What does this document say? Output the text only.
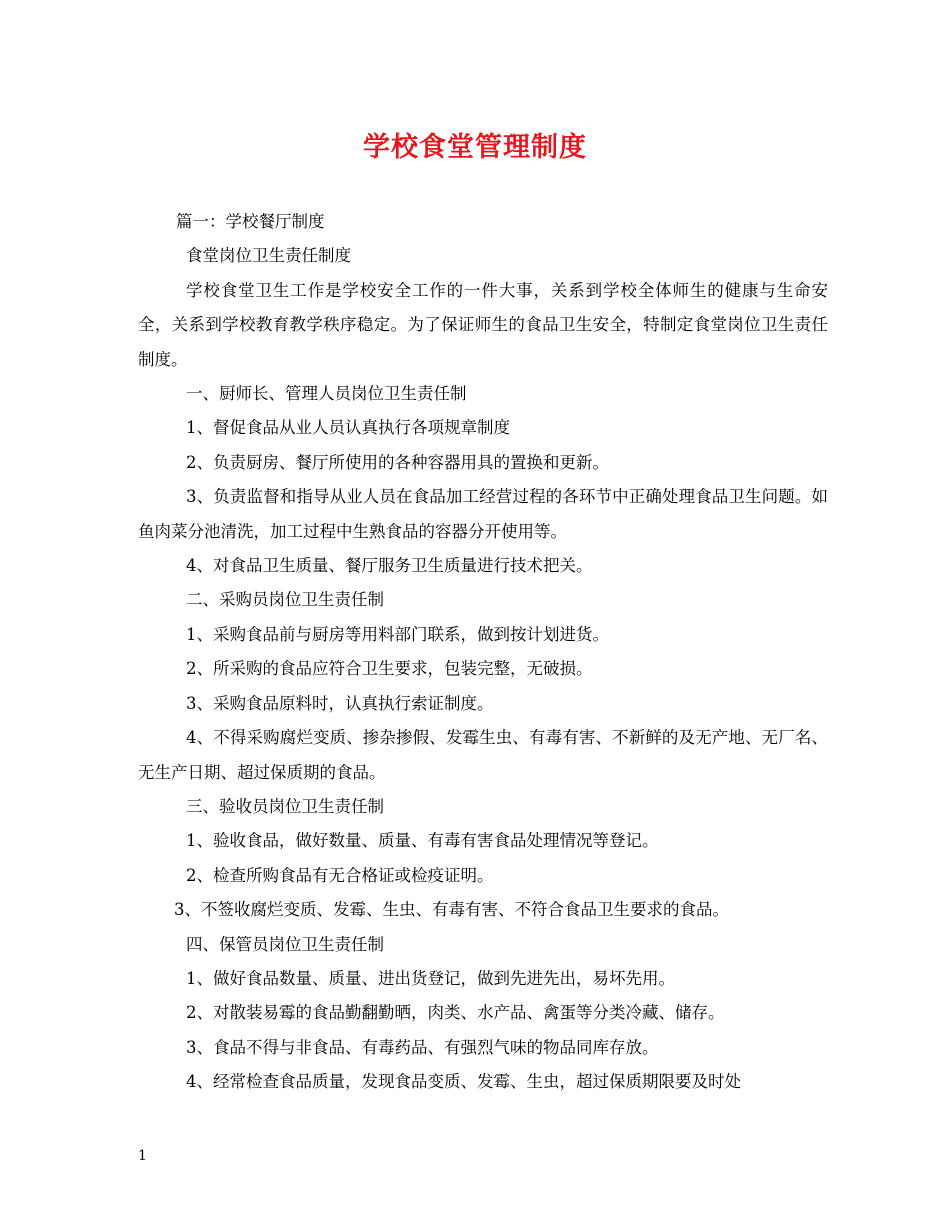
学校食堂管理制度

篇一：学校餐厅制度

食堂岗位卫生责任制度

学校食堂卫生工作是学校安全工作的一件大事，关系到学校全体师生的健康与生命安全，关系到学校教育教学秩序稳定。为了保证师生的食品卫生安全，特制定食堂岗位卫生责任制度。

一、厨师长、管理人员岗位卫生责任制

1、督促食品从业人员认真执行各项规章制度

2、负责厨房、餐厅所使用的各种容器用具的置换和更新。

3、负责监督和指导从业人员在食品加工经营过程的各环节中正确处理食品卫生问题。如鱼肉菜分池清洗，加工过程中生熟食品的容器分开使用等。

4、对食品卫生质量、餐厅服务卫生质量进行技术把关。

二、采购员岗位卫生责任制

1、采购食品前与厨房等用料部门联系，做到按计划进货。

2、所采购的食品应符合卫生要求，包装完整，无破损。

3、采购食品原料时，认真执行索证制度。

4、不得采购腐烂变质、掺杂掺假、发霉生虫、有毒有害、不新鲜的及无产地、无厂名、无生产日期、超过保质期的食品。

三、验收员岗位卫生责任制

1、验收食品，做好数量、质量、有毒有害食品处理情况等登记。

2、检查所购食品有无合格证或检疫证明。

3、不签收腐烂变质、发霉、生虫、有毒有害、不符合食品卫生要求的食品。

四、保管员岗位卫生责任制

1、做好食品数量、质量、进出货登记，做到先进先出，易坏先用。

2、对散装易霉的食品勤翻勤晒，肉类、水产品、禽蛋等分类冷藏、储存。

3、食品不得与非食品、有毒药品、有强烈气味的物品同库存放。

4、经常检查食品质量，发现食品变质、发霉、生虫，超过保质期限要及时处

1
